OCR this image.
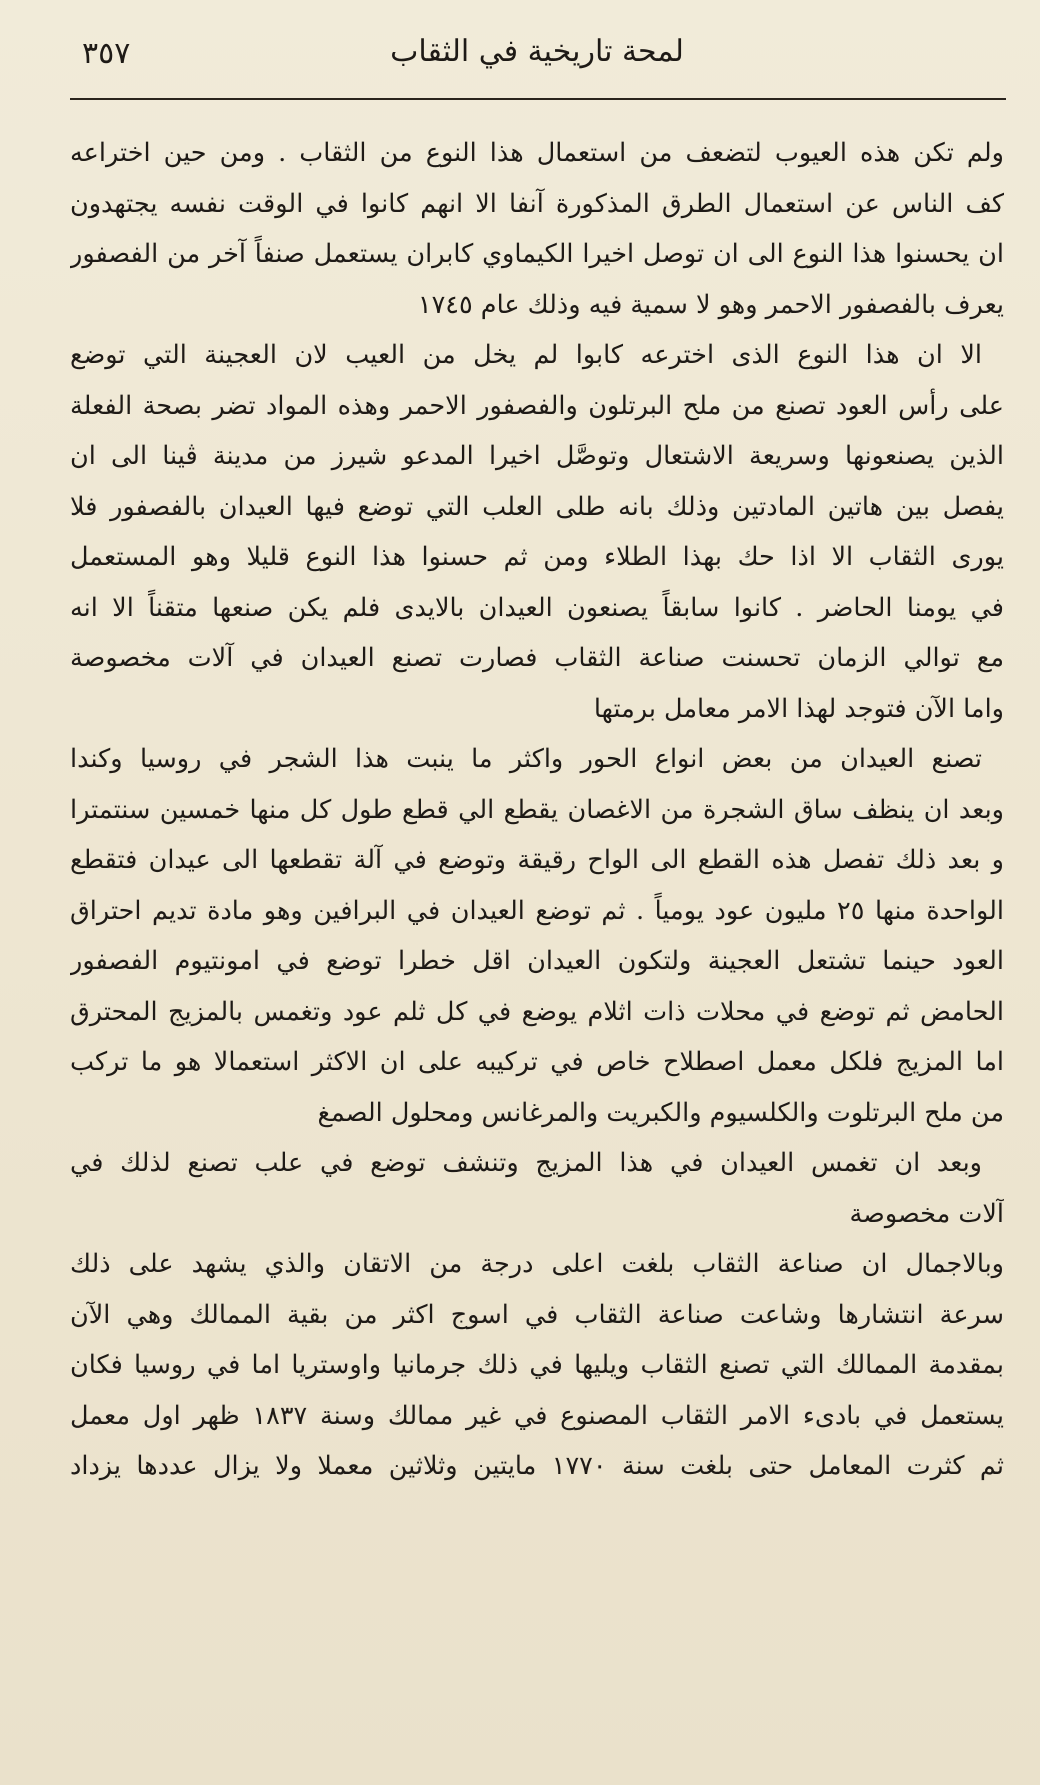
٣٥٧	لمحة تاريخية في الثقاب
ولم تكن هذه العيوب لتضعف من استعمال هذا النوع من الثقاب . ومن حين اختراعه
كف الناس عن استعمال الطرق المذكورة آنفا الا انهم كانوا في الوقت نفسه يجتهدون
ان يحسنوا هذا النوع الى ان توصل اخيرا الكيماوي كابران يستعمل صنفاً آخر من الفصفور
يعرف بالفصفور الاحمر وهو لا سمية فيه وذلك عام ١٧٤٥
الا ان هذا النوع الذى اخترعه كابوا لم يخل من العيب لان العجينة التي توضع
على رأس العود تصنع من ملح البرتلون والفصفور الاحمر وهذه المواد تضر بصحة الفعلة
الذين يصنعونها وسريعة الاشتعال وتوصَّل اخيرا المدعو شيرز من مدينة ڤينا الى ان
يفصل بين هاتين المادتين وذلك بانه طلى العلب التي توضع فيها العيدان بالفصفور فلا
يورى الثقاب الا اذا حك بهذا الطلاء ومن ثم حسنوا هذا النوع قليلا وهو المستعمل
في يومنا الحاضر . كانوا سابقاً يصنعون العيدان بالايدى فلم يكن صنعها متقناً الا انه
مع توالي الزمان تحسنت صناعة الثقاب فصارت تصنع العيدان في آلات مخصوصة
واما الآن فتوجد لهذا الامر معامل برمتها
تصنع العيدان من بعض انواع الحور واكثر ما ينبت هذا الشجر في روسيا وكندا
وبعد ان ينظف ساق الشجرة من الاغصان يقطع الي قطع طول كل منها خمسين سنتمترا
و بعد ذلك تفصل هذه القطع الى الواح رقيقة وتوضع في آلة تقطعها الى عيدان فتقطع
الواحدة منها ٢٥ مليون عود يومياً . ثم توضع العيدان في البرافين وهو مادة تديم احتراق
العود حينما تشتعل العجينة ولتكون العيدان اقل خطرا توضع في امونتيوم الفصفور
الحامض ثم توضع في محلات ذات اثلام يوضع في كل ثلم عود وتغمس بالمزيج المحترق
اما المزيج فلكل معمل اصطلاح خاص في تركيبه على ان الاكثر استعمالا هو ما تركب
من ملح البرتلوت والكلسيوم والكبريت والمرغانس ومحلول الصمغ
وبعد ان تغمس العيدان في هذا المزيج وتنشف توضع في علب تصنع لذلك في
آلات مخصوصة
وبالاجمال ان صناعة الثقاب بلغت اعلى درجة من الاتقان والذي يشهد على ذلك
سرعة انتشارها وشاعت صناعة الثقاب في اسوج اكثر من بقية الممالك وهي الآن
بمقدمة الممالك التي تصنع الثقاب ويليها في ذلك جرمانيا واوستريا اما في روسيا فكان
يستعمل في بادىء الامر الثقاب المصنوع في غير ممالك وسنة ١٨٣٧ ظهر اول معمل
ثم كثرت المعامل حتى بلغت سنة ١٧٧٠ مايتين وثلاثين معملا ولا يزال عددها يزداد
